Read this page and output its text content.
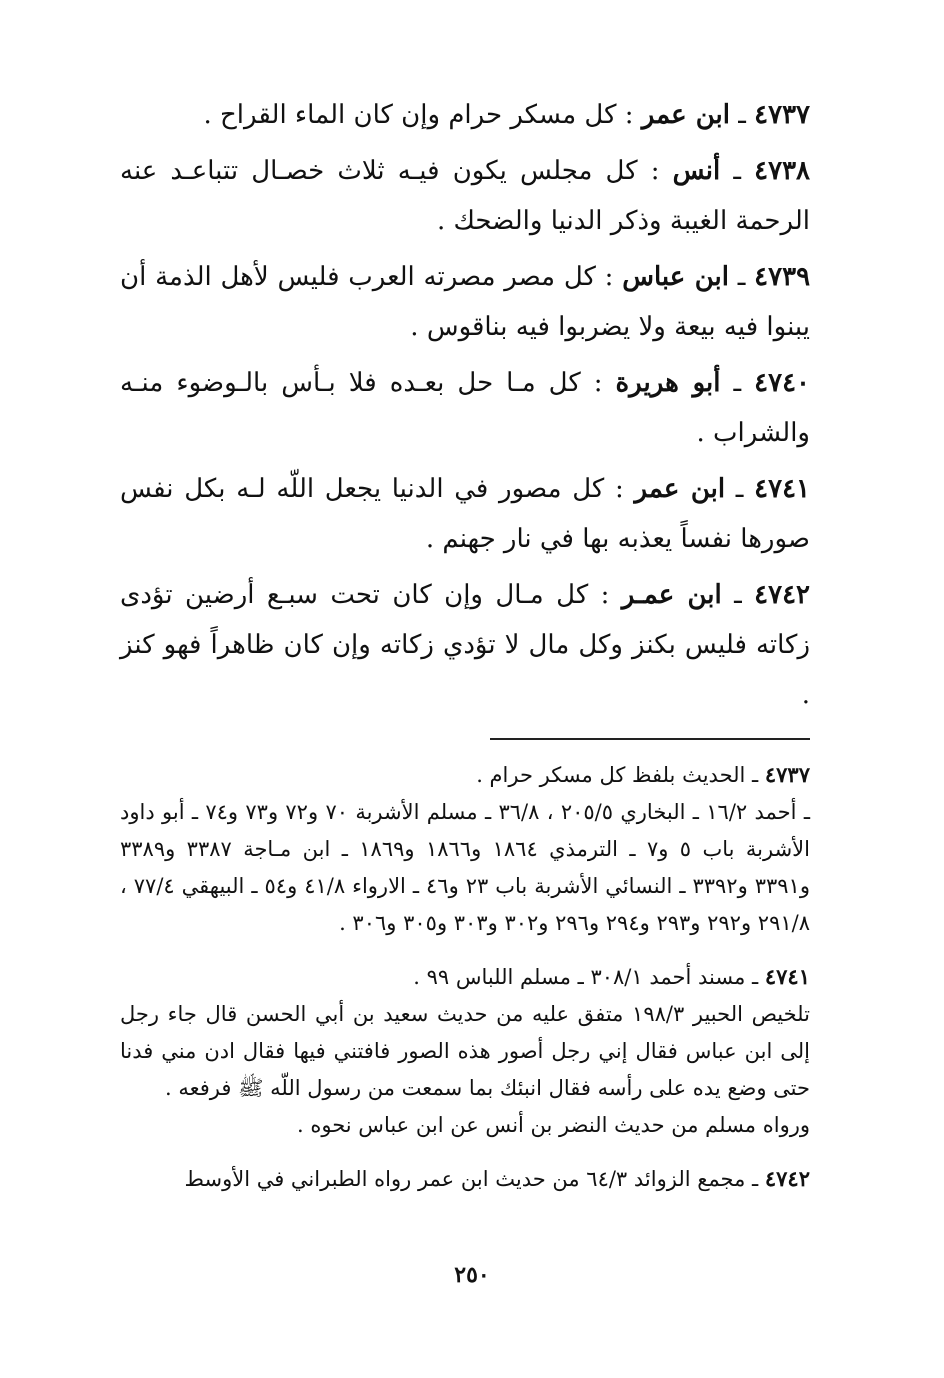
٤٧٣٧ ـ ابن عمر : كل مسكر حرام وإن كان الماء القراح .

٤٧٣٨ ـ أنس : كل مجلس يكون فيـه ثلاث خصـال تتباعـد عنه الرحمة الغيبة وذكر الدنيا والضحك .

٤٧٣٩ ـ ابن عباس : كل مصر مصرته العرب فليس لأهل الذمة أن يبنوا فيه بيعة ولا يضربوا فيه بناقوس .

٤٧٤٠ ـ أبو هريرة : كل مـا حل بعـده فلا بـأس بالـوضوء منـه والشراب .

٤٧٤١ ـ ابن عمر : كل مصور في الدنيا يجعل اللّه لـه بكل نفس صورها نفساً يعذبه بها في نار جهنم .

٤٧٤٢ ـ ابن عمـر : كل مـال وإن كان تحت سبـع أرضين تؤدى زكاته فليس بكنز وكل مال لا تؤدي زكاته وإن كان ظاهراً فهو كنز .

٤٧٣٧ ـ الحديث بلفظ كل مسكر حرام .

ـ أحمد ١٦/٢ ـ البخاري ٢٠٥/٥ ، ٣٦/٨ ـ مسلم الأشربة ٧٠ و٧٢ و٧٣ و٧٤ ـ أبو داود الأشربة باب ٥ و٧ ـ الترمذي ١٨٦٤ و١٨٦٦ و١٨٦٩ ـ ابن مـاجة ٣٣٨٧ و٣٣٨٩ و٣٣٩١ و٣٣٩٢ ـ النسائي الأشربة باب ٢٣ و٤٦ ـ الارواء ٤١/٨ و٥٤ ـ البيهقي ٧٧/٤ ، ٢٩١/٨ و٢٩٢ و٢٩٣ و٢٩٤ و٢٩٦ و٣٠٢ و٣٠٣ و٣٠٥ و٣٠٦ .

٤٧٤١ ـ مسند أحمد ٣٠٨/١ ـ مسلم اللباس ٩٩ .

تلخيص الحبير ١٩٨/٣ متفق عليه من حديث سعيد بن أبي الحسن قال جاء رجل إلى ابن عباس فقال إني رجل أصور هذه الصور فافتني فيها فقال ادن مني فدنا حتى وضع يده على رأسه فقال انبئك بما سمعت من رسول اللّه ﷺ فرفعه .

ورواه مسلم من حديث النضر بن أنس عن ابن عباس نحوه .

٤٧٤٢ ـ مجمع الزوائد ٦٤/٣ من حديث ابن عمر رواه الطبراني في الأوسط

٢٥٠
